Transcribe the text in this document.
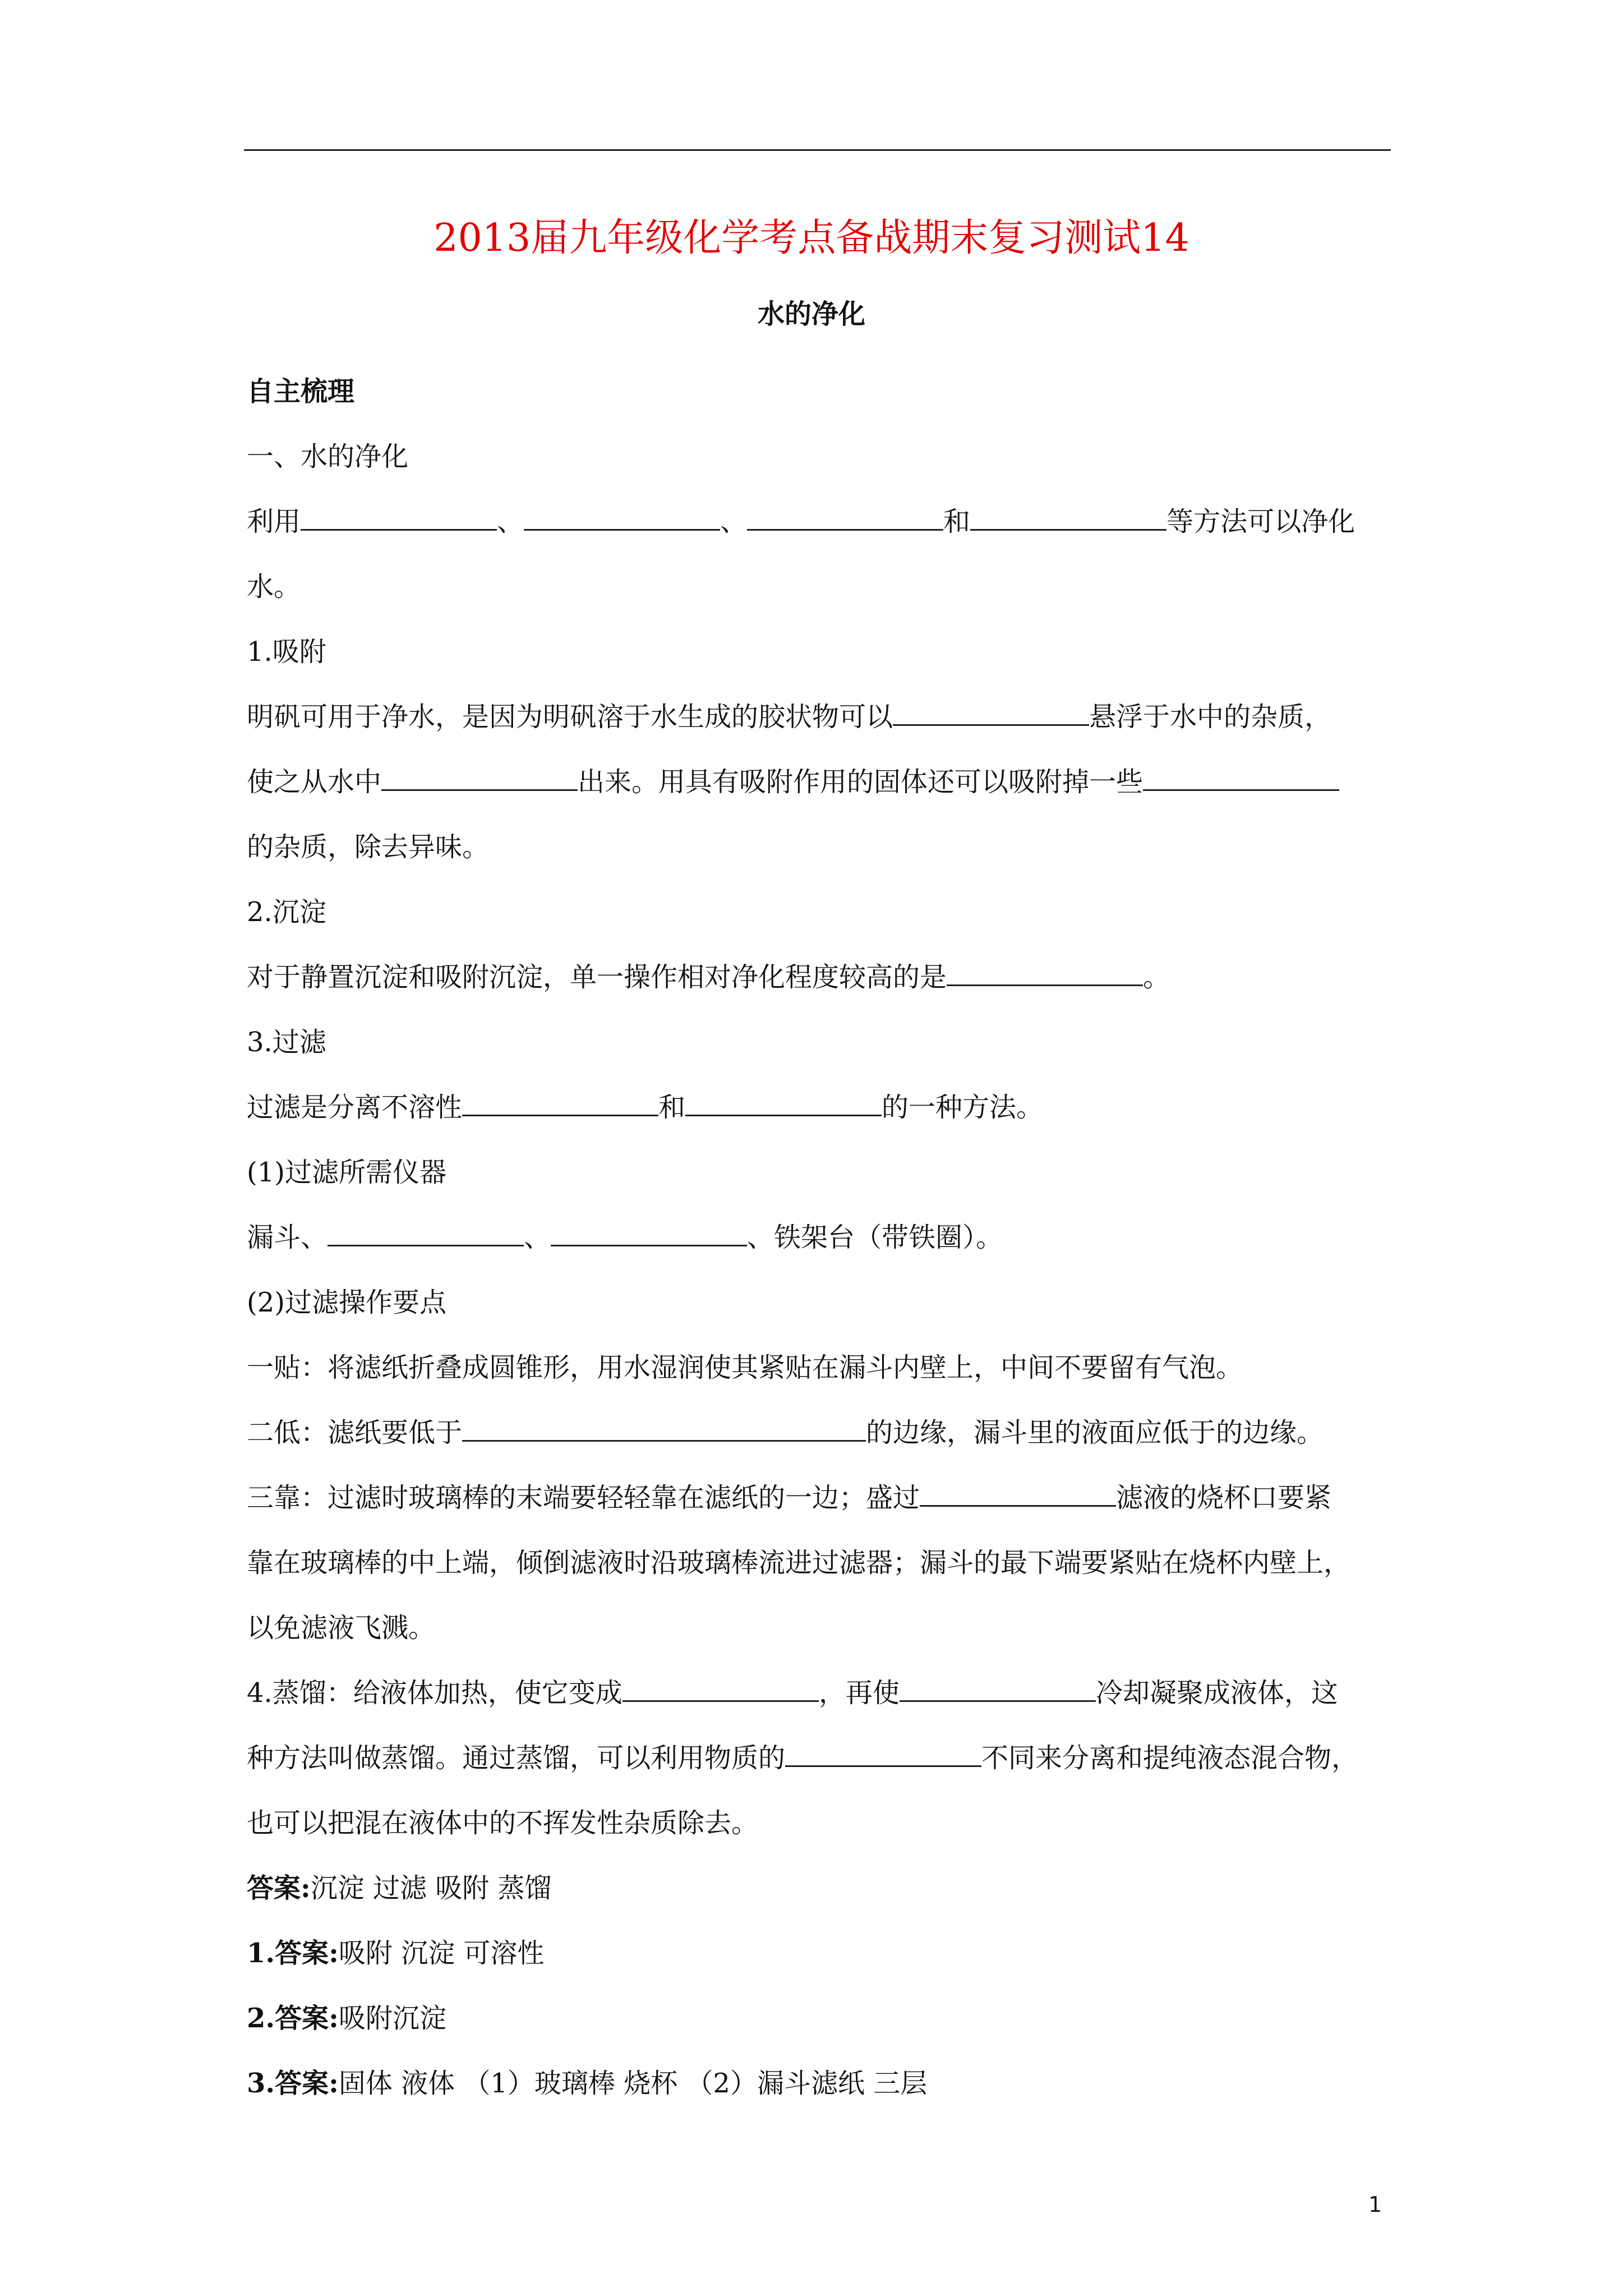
2013届九年级化学考点备战期末复习测试14
水的净化
自主梳理
一、水的净化
利用	、	、	和	等方法可以净化
水。
1.吸附
明矾可用于净水，是因为明矾溶于水生成的胶状物可以	悬浮于水中的杂质，
使之从水中	出来。用具有吸附作用的固体还可以吸附掉一些
的杂质，除去异味。
2.沉淀
对于静置沉淀和吸附沉淀，单一操作相对净化程度较高的是	。
3.过滤
过滤是分离不溶性	和	的一种方法。
(1)过滤所需仪器
漏斗、	、	、铁架台（带铁圈）。
(2)过滤操作要点
一贴：将滤纸折叠成圆锥形，用水湿润使其紧贴在漏斗内壁上，中间不要留有气泡。
二低：滤纸要低于	的边缘，漏斗里的液面应低于的边缘。
三靠：过滤时玻璃棒的末端要轻轻靠在滤纸的一边；盛过	滤液的烧杯口要紧
靠在玻璃棒的中上端，倾倒滤液时沿玻璃棒流进过滤器；漏斗的最下端要紧贴在烧杯内壁上，
以免滤液飞溅。
4.蒸馏：给液体加热，使它变成	，再使	冷却凝聚成液体，这
种方法叫做蒸馏。通过蒸馏，可以利用物质的	不同来分离和提纯液态混合物，
也可以把混在液体中的不挥发性杂质除去。
答案:沉淀 过滤 吸附 蒸馏
1.答案:吸附 沉淀 可溶性
2.答案:吸附沉淀
3.答案:固体 液体 （1）玻璃棒 烧杯 （2）漏斗滤纸 三层
1
